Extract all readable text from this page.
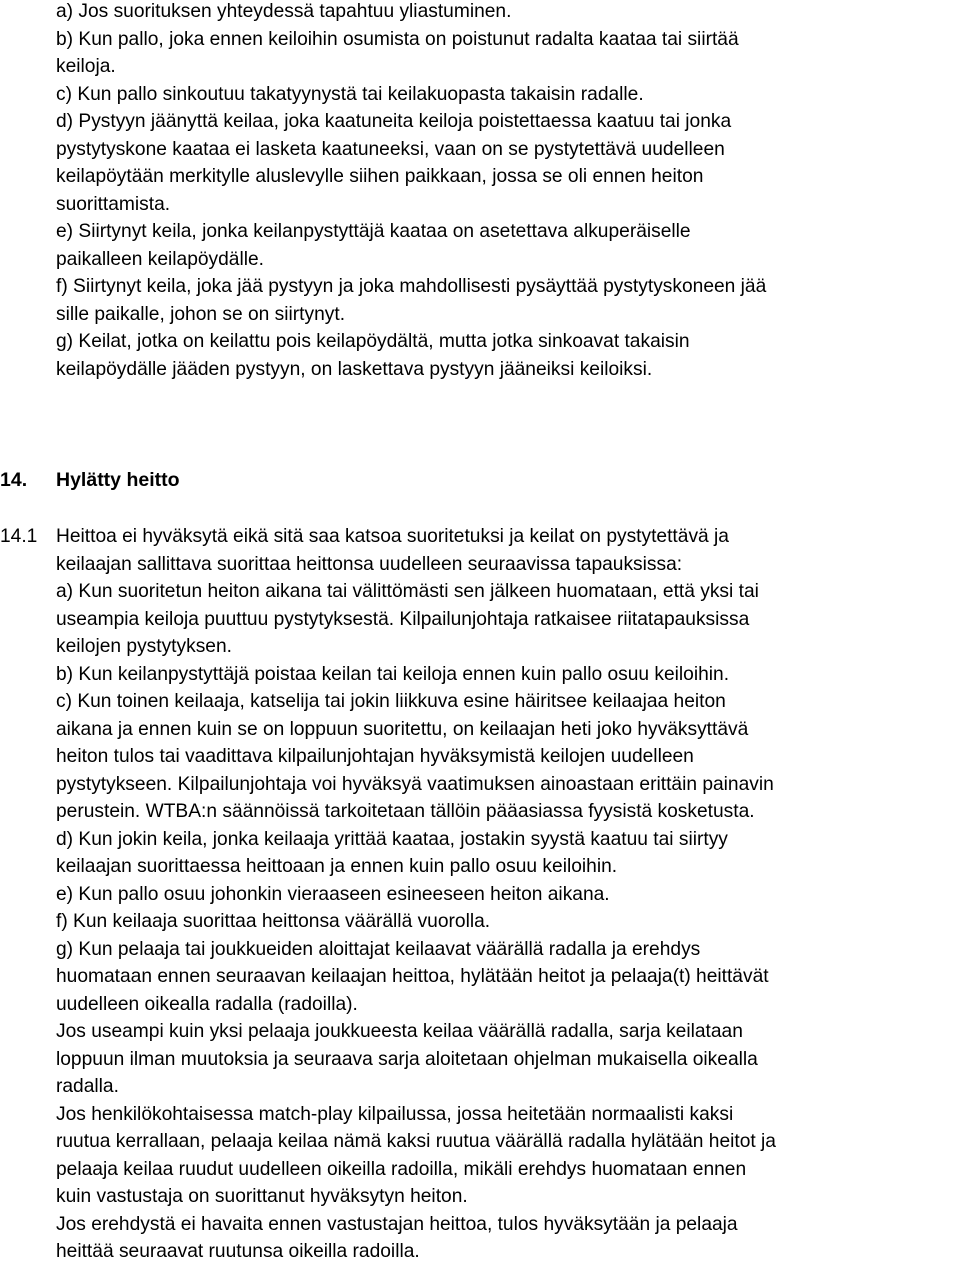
a) Jos suorituksen yhteydessä tapahtuu yliastuminen.
b) Kun pallo, joka ennen keiloihin osumista on poistunut radalta kaataa tai siirtää
keiloja.
c) Kun pallo sinkoutuu takatyynystä tai keilakuopasta takaisin radalle.
d) Pystyyn jäänyttä keilaa, joka kaatuneita keiloja poistettaessa kaatuu tai jonka
pystytyskone kaataa ei lasketa kaatuneeksi, vaan on se pystytettävä uudelleen
keilapöytään merkitylle aluslevylle siihen paikkaan, jossa se oli ennen heiton
suorittamista.
e) Siirtynyt keila, jonka keilanpystyttäjä kaataa on asetettava alkuperäiselle
paikalleen keilapöydälle.
f) Siirtynyt keila, joka jää pystyyn ja joka mahdollisesti pysäyttää pystytyskoneen jää
sille paikalle, johon se on siirtynyt.
g) Keilat, jotka on keilattu pois keilapöydältä, mutta jotka sinkoavat takaisin
keilapöydälle jääden pystyyn, on laskettava pystyyn jääneiksi keiloiksi.
14. Hylätty heitto
14.1 Heittoa ei hyväksytä eikä sitä saa katsoa suoritetuksi ja keilat on pystytettävä ja
keilaajan sallittava suorittaa heittonsa uudelleen seuraavissa tapauksissa:
a) Kun suoritetun heiton aikana tai välittömästi sen jälkeen huomataan, että yksi tai
useampia keiloja puuttuu pystytyksestä. Kilpailunjohtaja ratkaisee riitatapauksissa
keilojen pystytyksen.
b) Kun keilanpystyttäjä poistaa keilan tai keiloja ennen kuin pallo osuu keiloihin.
c) Kun toinen keilaaja, katselija tai jokin liikkuva esine häiritsee keilaajaa heiton
aikana ja ennen kuin se on loppuun suoritettu, on keilaajan heti joko hyväksyttävä
heiton tulos tai vaadittava kilpailunjohtajan hyväksymistä keilojen uudelleen
pystytykseen. Kilpailunjohtaja voi hyväksyä vaatimuksen ainoastaan erittäin painavin
perustein. WTBA:n säännöissä tarkoitetaan tällöin pääasiassa fyysistä kosketusta.
d) Kun jokin keila, jonka keilaaja yrittää kaataa, jostakin syystä kaatuu tai siirtyy
keilaajan suorittaessa heittoaan ja ennen kuin pallo osuu keiloihin.
e) Kun pallo osuu johonkin vieraaseen esineeseen heiton aikana.
f) Kun keilaaja suorittaa heittonsa väärällä vuorolla.
g) Kun pelaaja tai joukkueiden aloittajat keilaavat väärällä radalla ja erehdys
huomataan ennen seuraavan keilaajan heittoa, hylätään heitot ja pelaaja(t) heittävät
uudelleen oikealla radalla (radoilla).
Jos useampi kuin yksi pelaaja joukkueesta keilaa väärällä radalla, sarja keilataan
loppuun ilman muutoksia ja seuraava sarja aloitetaan ohjelman mukaisella oikealla
radalla.
Jos henkilökohtaisessa match-play kilpailussa, jossa heitetään normaalisti kaksi
ruutua kerrallaan, pelaaja keilaa nämä kaksi ruutua väärällä radalla hylätään heitot ja
pelaaja keilaa ruudut uudelleen oikeilla radoilla, mikäli erehdys huomataan ennen
kuin vastustaja on suorittanut hyväksytyn heiton.
Jos erehdystä ei havaita ennen vastustajan heittoa, tulos hyväksytään ja pelaaja
heittää seuraavat ruutunsa oikeilla radoilla.
